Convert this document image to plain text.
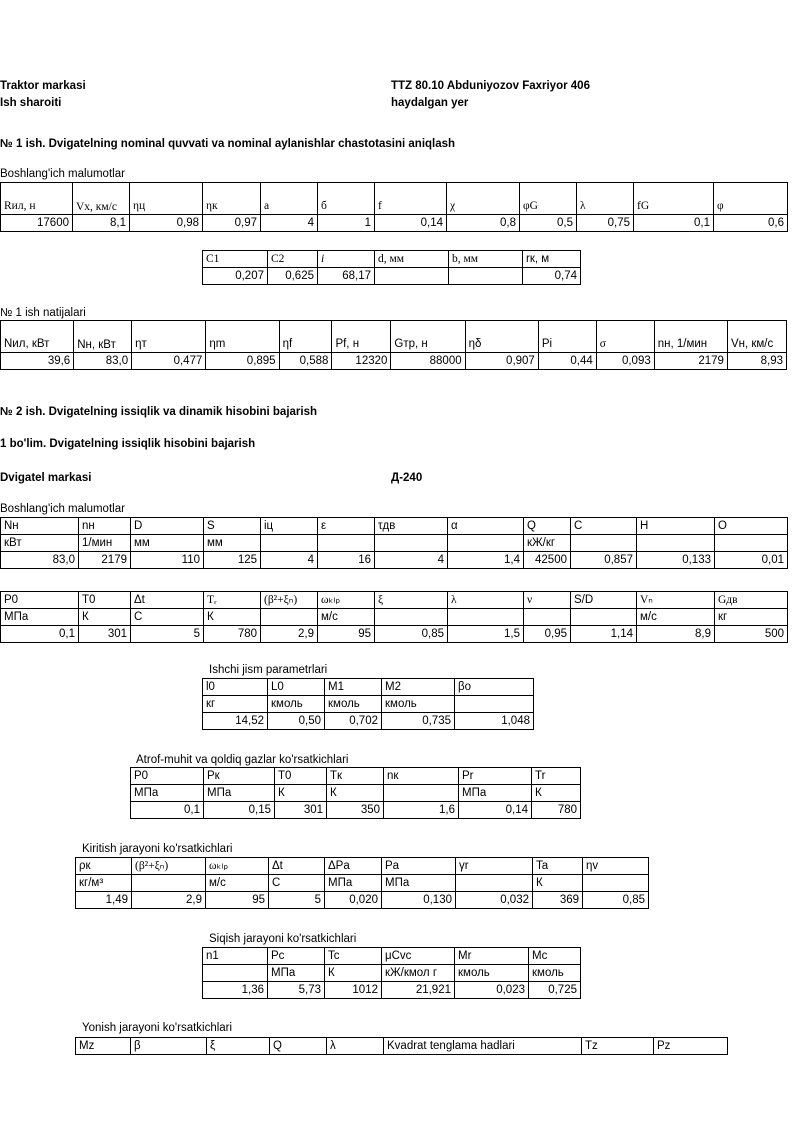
Traktor markasi	TTZ 80.10 Abduniyozov Faxriyor 406
Ish sharoiti	haydalgan yer
№ 1 ish. Dvigatelning nominal quvvati va nominal aylanishlar chastotasini aniqlash
Boshlang'ich malumotlar
Rил, н	Vх, км/с	ηц	ηк	а	б	f	χ	φG	λ	fG	φ
17600	8,1	0,98	0,97	4	1	0,14	0,8	0,5	0,75	0,1	0,6
C1	C2	i	d, мм	b, мм	rк, м
0,207	0,625	68,17			0,74
№ 1 ish natijalari
Nил, кВт	Nн, кВт	ηт	ηm	ηf	Pf, н	Gтр, н	ηδ	Pi	σ	nн, 1/мин	Vн, км/с
39,6	83,0	0,477	0,895	0,588	12320	88000	0,907	0,44	0,093	2179	8,93
№ 2 ish. Dvigatelning issiqlik va dinamik hisobini bajarish
1 bo'lim. Dvigatelning issiqlik hisobini bajarish
Dvigatel markasi	Д-240
Boshlang'ich malumotlar
Nн	nн	D	S	iц	ε	τдв	α	Q	C	H	O
кВт	1/мин	мм	мм					кЖ/кг			
83,0	2179	110	125	4	16	4	1,4	42500	0,857	0,133	0,01
P0	T0	Δt	Tᵣ	(β²+ξₙ)	ωₖₗₚ	ξ	λ	ν	S/D	Vₙ	Gдв
МПа	К	С	К		м/с					м/с	кг
0,1	301	5	780	2,9	95	0,85	1,5	0,95	1,14	8,9	500
Ishchi jism parametrlari
l0	L0	M1	M2	βo
кг	кмоль	кмоль	кмоль	
14,52	0,50	0,702	0,735	1,048
Atrof-muhit va qoldiq gazlar ko'rsatkichlari
P0	Pк	T0	Tк	nк	Pr	Tr
МПа	МПа	К	К		МПа	К
0,1	0,15	301	350	1,6	0,14	780
Kiritish jarayoni ko'rsatkichlari
ρк	(β²+ξₙ)	ωₖₗₚ	Δt	ΔPa	Pa	γr	Ta	ηv
кг/м³		м/с	С	МПа	МПа		К	
1,49	2,9	95	5	0,020	0,130	0,032	369	0,85
Siqish jarayoni ko'rsatkichlari
n1	Pc	Tc	μCvc	Mr	Mc
	МПа	К	кЖ/кмол г	кмоль	кмоль
1,36	5,73	1012	21,921	0,023	0,725
Yonish jarayoni ko'rsatkichlari
Mz	β	ξ	Q	λ	Kvadrat tenglama hadlari	Tz	Pz
